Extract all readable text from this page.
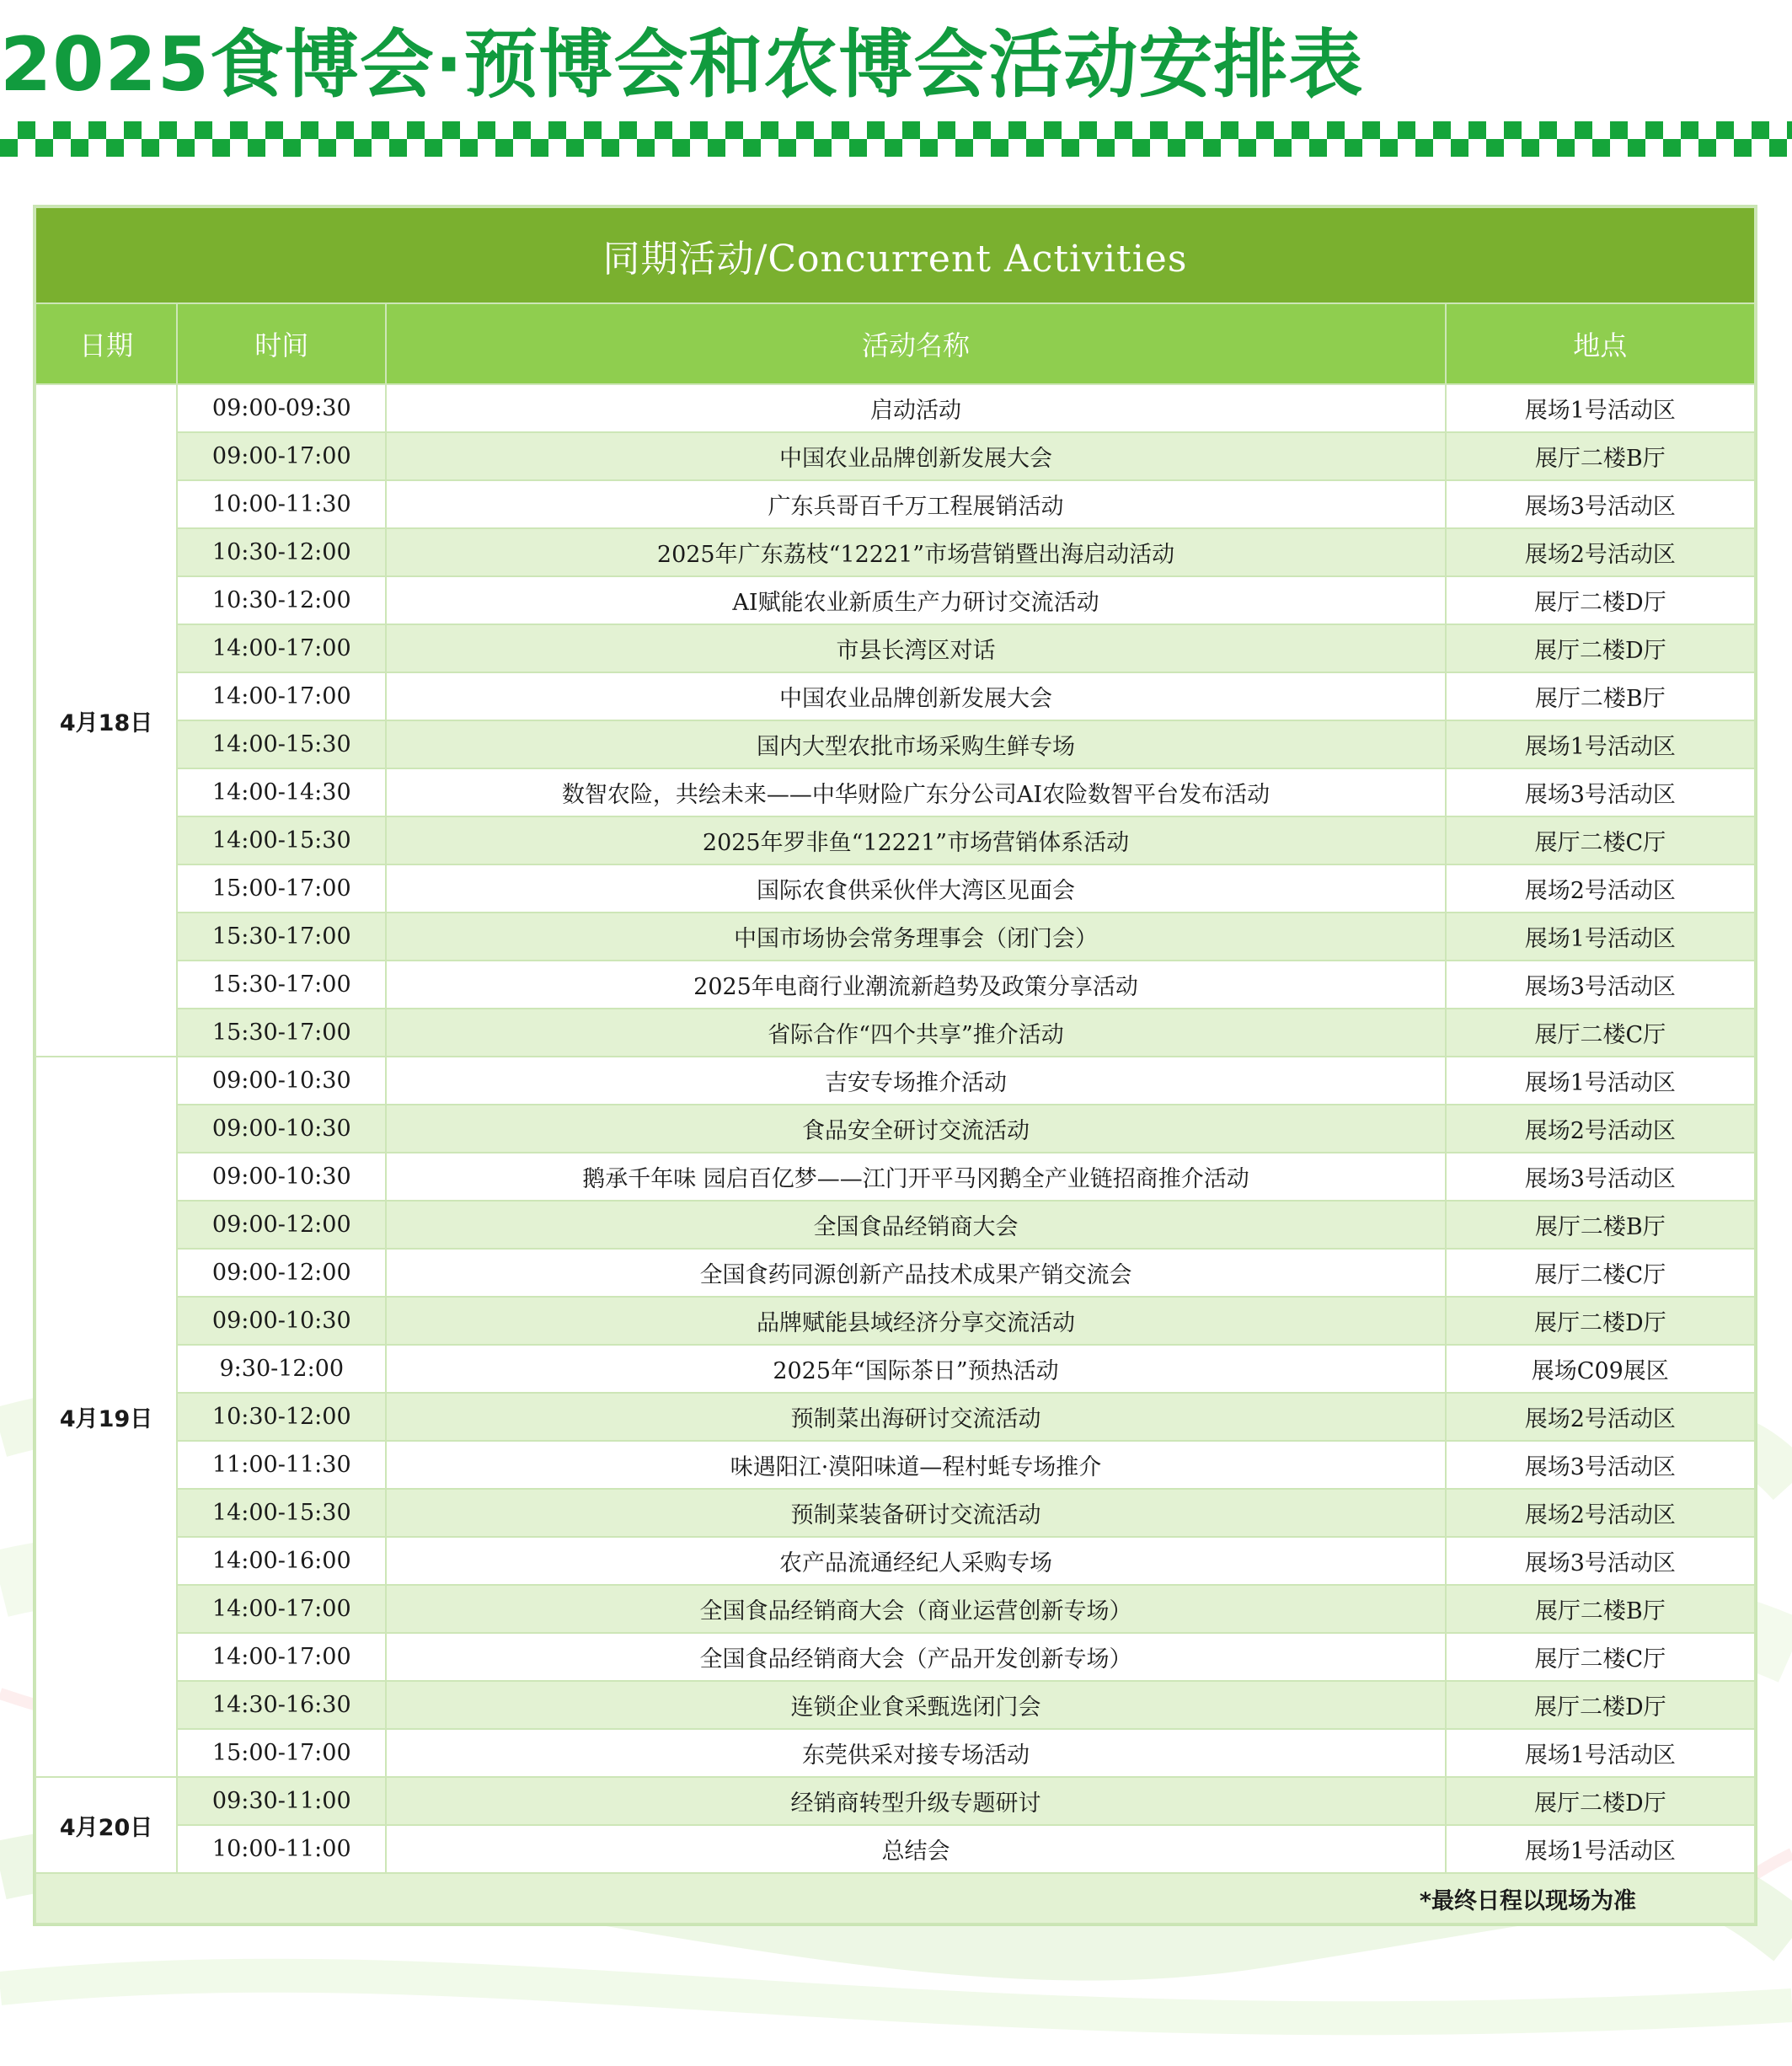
2025食博会·预博会和农博会活动安排表
同期活动/Concurrent Activities			
日期	时间	活动名称	地点
4月18日	09:00-09:30	启动活动	展场1号活动区
	09:00-17:00	中国农业品牌创新发展大会	展厅二楼B厅
	10:00-11:30	广东兵哥百千万工程展销活动	展场3号活动区
	10:30-12:00	2025年广东荔枝“12221”市场营销暨出海启动活动	展场2号活动区
	10:30-12:00	AI赋能农业新质生产力研讨交流活动	展厅二楼D厅
	14:00-17:00	市县长湾区对话	展厅二楼D厅
	14:00-17:00	中国农业品牌创新发展大会	展厅二楼B厅
	14:00-15:30	国内大型农批市场采购生鲜专场	展场1号活动区
	14:00-14:30	数智农险，共绘未来——中华财险广东分公司AI农险数智平台发布活动	展场3号活动区
	14:00-15:30	2025年罗非鱼“12221”市场营销体系活动	展厅二楼C厅
	15:00-17:00	国际农食供采伙伴大湾区见面会	展场2号活动区
	15:30-17:00	中国市场协会常务理事会（闭门会）	展场1号活动区
	15:30-17:00	2025年电商行业潮流新趋势及政策分享活动	展场3号活动区
	15:30-17:00	省际合作“四个共享”推介活动	展厅二楼C厅
4月19日	09:00-10:30	吉安专场推介活动	展场1号活动区
	09:00-10:30	食品安全研讨交流活动	展场2号活动区
	09:00-10:30	鹅承千年味 园启百亿梦——江门开平马冈鹅全产业链招商推介活动	展场3号活动区
	09:00-12:00	全国食品经销商大会	展厅二楼B厅
	09:00-12:00	全国食药同源创新产品技术成果产销交流会	展厅二楼C厅
	09:00-10:30	品牌赋能县域经济分享交流活动	展厅二楼D厅
	9:30-12:00	2025年“国际茶日”预热活动	展场C09展区
	10:30-12:00	预制菜出海研讨交流活动	展场2号活动区
	11:00-11:30	味遇阳江·漠阳味道—程村蚝专场推介	展场3号活动区
	14:00-15:30	预制菜装备研讨交流活动	展场2号活动区
	14:00-16:00	农产品流通经纪人采购专场	展场3号活动区
	14:00-17:00	全国食品经销商大会（商业运营创新专场）	展厅二楼B厅
	14:00-17:00	全国食品经销商大会（产品开发创新专场）	展厅二楼C厅
	14:30-16:30	连锁企业食采甄选闭门会	展厅二楼D厅
	15:00-17:00	东莞供采对接专场活动	展场1号活动区
4月20日	09:30-11:00	经销商转型升级专题研讨	展厅二楼D厅
	10:00-11:00	总结会	展场1号活动区
*最终日程以现场为准			
